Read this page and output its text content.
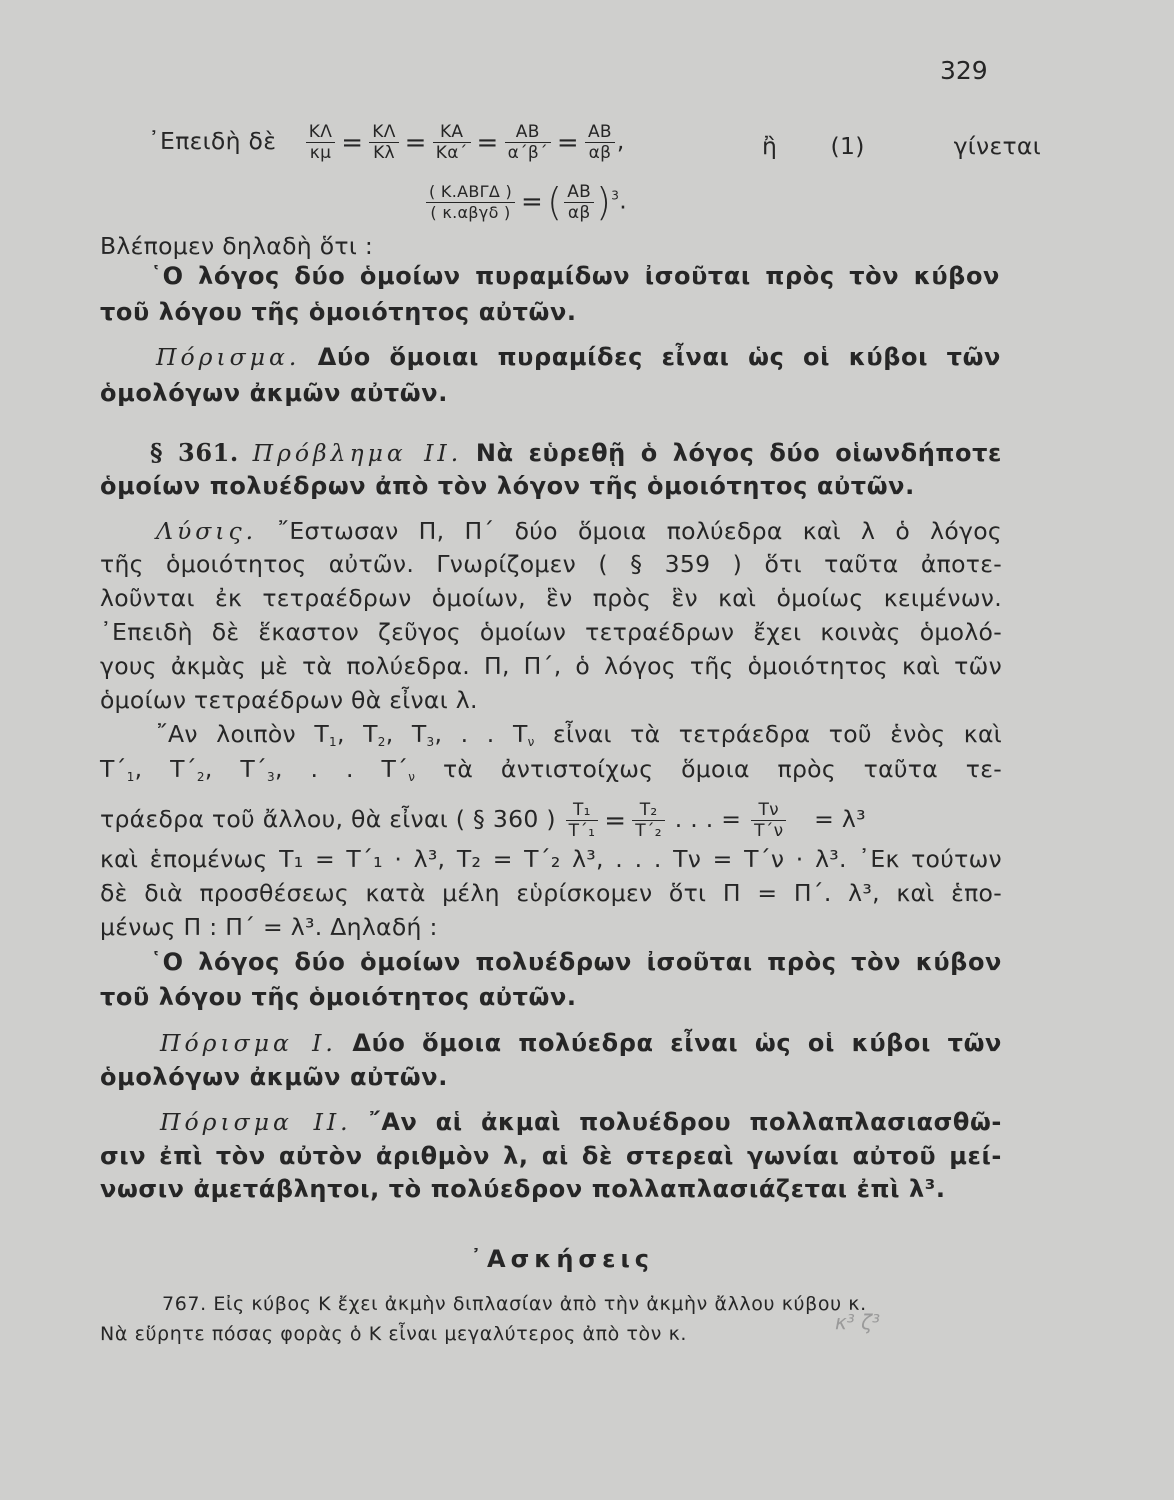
329
᾿Επειδὴ δὲ $\frac{K\Lambda}{\kappa\mu} = \frac{K\Lambda}{K\lambda} = \frac{KA}{K\alpha΄} = \frac{AB}{\alpha΄\beta΄} = \frac{AB}{\alpha\beta}$ ,	ἢ (1)	γίνεται
$\frac{\text{( Κ.ΑΒΓΔ )}}{\text{( κ.αβγδ )}}$ = ( $\frac{AB}{\alpha\beta} )^3$.
Βλέπομεν δηλαδὴ ὅτι :
῾Ο λόγος δύο ὁμοίων πυραμίδων ἰσοῦται πρὸς τὸν κύβον
τοῦ λόγου τῆς ὁμοιότητος αὐτῶν.
Πόρισμα. Δύο ὅμοιαι πυραμίδες εἶναι ὡς οἱ κύβοι τῶν
ὁμολόγων ἀκμῶν αὐτῶν.
§ 361. Πρόβλημα II. Νὰ εὑρεθῇ ὁ λόγος δύο οἱωνδήποτε
ὁμοίων πολυέδρων ἀπὸ τὸν λόγον τῆς ὁμοιότητος αὐτῶν.
Λύσις. ῎Εστωσαν Π, Π΄ δύο ὅμοια πολύεδρα καὶ λ ὁ λόγος
τῆς ὁμοιότητος αὐτῶν. Γνωρίζομεν ( § 359 ) ὅτι ταῦτα ἀποτε-
λοῦνται ἐκ τετραέδρων ὁμοίων, ἓν πρὸς ἓν καὶ ὁμοίως κειμένων.
᾿Επειδὴ δὲ ἕκαστον ζεῦγος ὁμοίων τετραέδρων ἔχει κοινὰς ὁμολό-
γους ἀκμὰς μὲ τὰ πολύεδρα. Π, Π΄, ὁ λόγος τῆς ὁμοιότητος καὶ τῶν
ὁμοίων τετραέδρων θὰ εἶναι λ.
῎Αν λοιπὸν $T_1$, $T_2$, $T_3$, . . $T_\nu$ εἶναι τὰ τετράεδρα τοῦ ἑνὸς καὶ
$T΄_1$, $T΄_2$, $T΄_3$, . . $T΄_\nu$ τὰ ἀντιστοίχως ὅμοια πρὸς ταῦτα τε-
τράεδρα τοῦ ἄλλου, θὰ εἶναι ( § 360 ) $\frac{\text{Τ₁}}{\text{Τ΄₁}} = \frac{\text{Τ₂}}{\text{Τ΄₂}}$ . . . = $\frac{T\nu}{T΄\nu} = \lambda^3$
καὶ ἑπομένως Τ₁ = Τ΄₁ · λ³, Τ₂ = Τ΄₂ λ³, . . . Τν = Τ΄ν · λ³. ᾿Εκ τούτων
δὲ διὰ προσθέσεως κατὰ μέλη εὑρίσκομεν ὅτι Π = Π΄. λ³, καὶ ἑπο-
μένως Π : Π΄ = λ³. Δηλαδή :
῾Ο λόγος δύο ὁμοίων πολυέδρων ἰσοῦται πρὸς τὸν κύβον
τοῦ λόγου τῆς ὁμοιότητος αὐτῶν.
Πόρισμα I. Δύο ὅμοια πολύεδρα εἶναι ὡς οἱ κύβοι τῶν
ὁμολόγων ἀκμῶν αὐτῶν.
Πόρισμα II. ῎Αν αἱ ἀκμαὶ πολυέδρου πολλαπλασιασθῶ-
σιν ἐπὶ τὸν αὐτὸν ἀριθμὸν λ, αἱ δὲ στερεαὶ γωνίαι αὐτοῦ μεί-
νωσιν ἀμετάβλητοι, τὸ πολύεδρον πολλαπλασιάζεται ἐπὶ λ³.
᾿Ασκήσεις
767. Εἰς κύβος Κ ἔχει ἀκμὴν διπλασίαν ἀπὸ τὴν ἀκμὴν ἄλλου κύβου κ.
Νὰ εὕρητε πόσας φορὰς ὁ Κ εἶναι μεγαλύτερος ἀπὸ τὸν κ.	κ³ ζ³
